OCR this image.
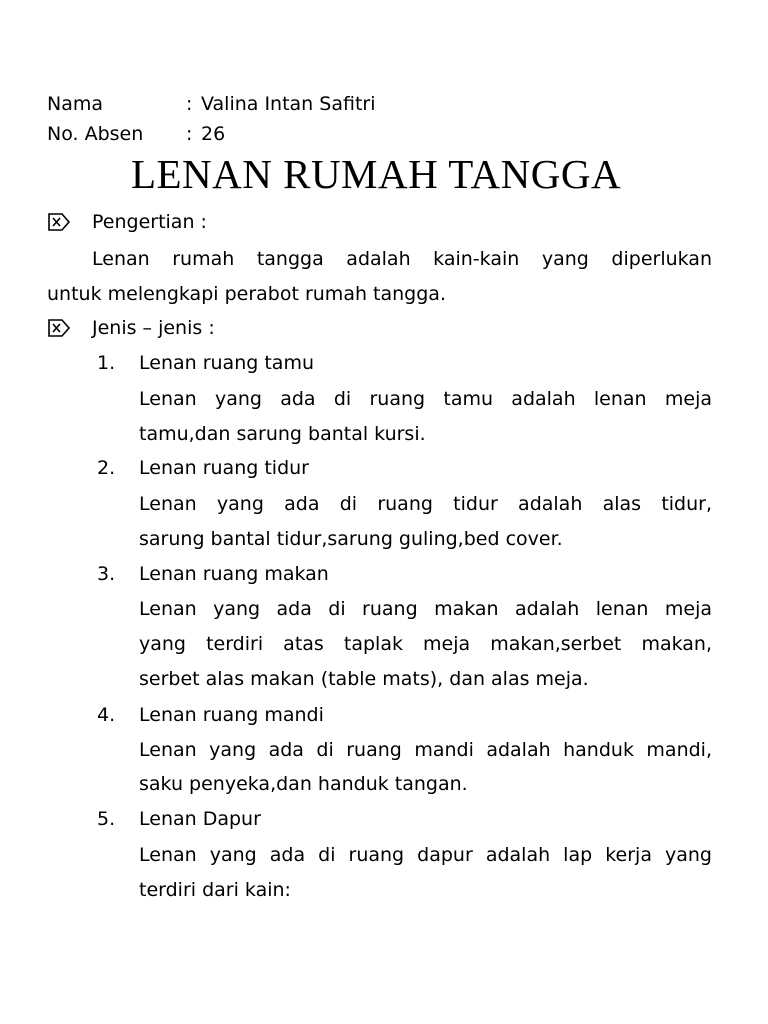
Nama	: Valina Intan Safitri
No. Absen : 26
LENAN RUMAH TANGGA
Pengertian :
Lenan rumah tangga adalah kain-kain yang diperlukan
untuk melengkapi perabot rumah tangga.
Jenis – jenis :
1.	Lenan ruang tamu
Lenan yang ada di ruang tamu adalah lenan meja
tamu,dan sarung bantal kursi.
2.	Lenan ruang tidur
Lenan yang ada di ruang tidur adalah alas tidur,
sarung bantal tidur,sarung guling,bed cover.
3.	Lenan ruang makan
Lenan yang ada di ruang makan adalah lenan meja
yang terdiri atas taplak meja makan,serbet makan,
serbet alas makan (table mats), dan alas meja.
4.	Lenan ruang mandi
Lenan yang ada di ruang mandi adalah handuk mandi,
saku penyeka,dan handuk tangan.
5.	Lenan Dapur
Lenan yang ada di ruang dapur adalah lap kerja yang
terdiri dari kain:
